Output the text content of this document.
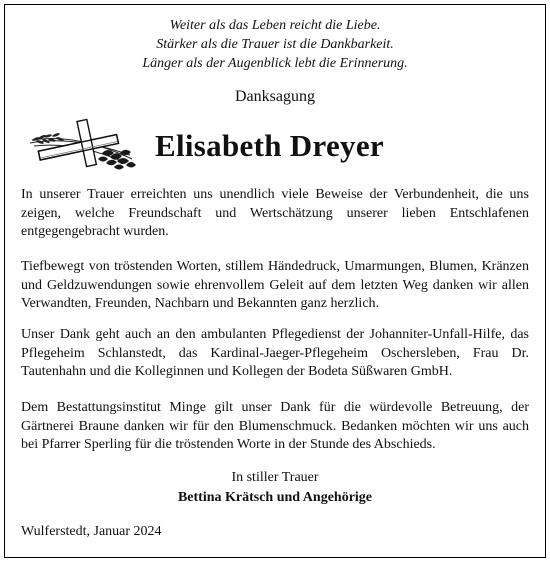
Weiter als das Leben reicht die Liebe.
Stärker als die Trauer ist die Dankbarkeit.
Länger als der Augenblick lebt die Erinnerung.
Danksagung
Elisabeth Dreyer

In unserer Trauer erreichten uns unendlich viele Beweise der Verbundenheit, die uns zeigen, welche Freundschaft und Wertschätzung unserer lieben Entschlafenen entgegengebracht wurden.

Tiefbewegt von tröstenden Worten, stillem Händedruck, Umarmungen, Blumen, Kränzen und Geldzuwendungen sowie ehrenvollem Geleit auf dem letzten Weg danken wir allen Verwandten, Freunden, Nachbarn und Bekannten ganz herzlich.

Unser Dank geht auch an den ambulanten Pflegedienst der Johanniter-Unfall-Hilfe, das Pflegeheim Schlanstedt, das Kardinal-Jaeger-Pflegeheim Oschersleben, Frau Dr. Tautenhahn und die Kolleginnen und Kollegen der Bodeta Süßwaren GmbH.

Dem Bestattungsinstitut Minge gilt unser Dank für die würdevolle Betreuung, der Gärtnerei Braune danken wir für den Blumenschmuck. Bedanken möchten wir uns auch bei Pfarrer Sperling für die tröstenden Worte in der Stunde des Abschieds.

In stiller Trauer
Bettina Krätsch und Angehörige
Wulferstedt, Januar 2024
